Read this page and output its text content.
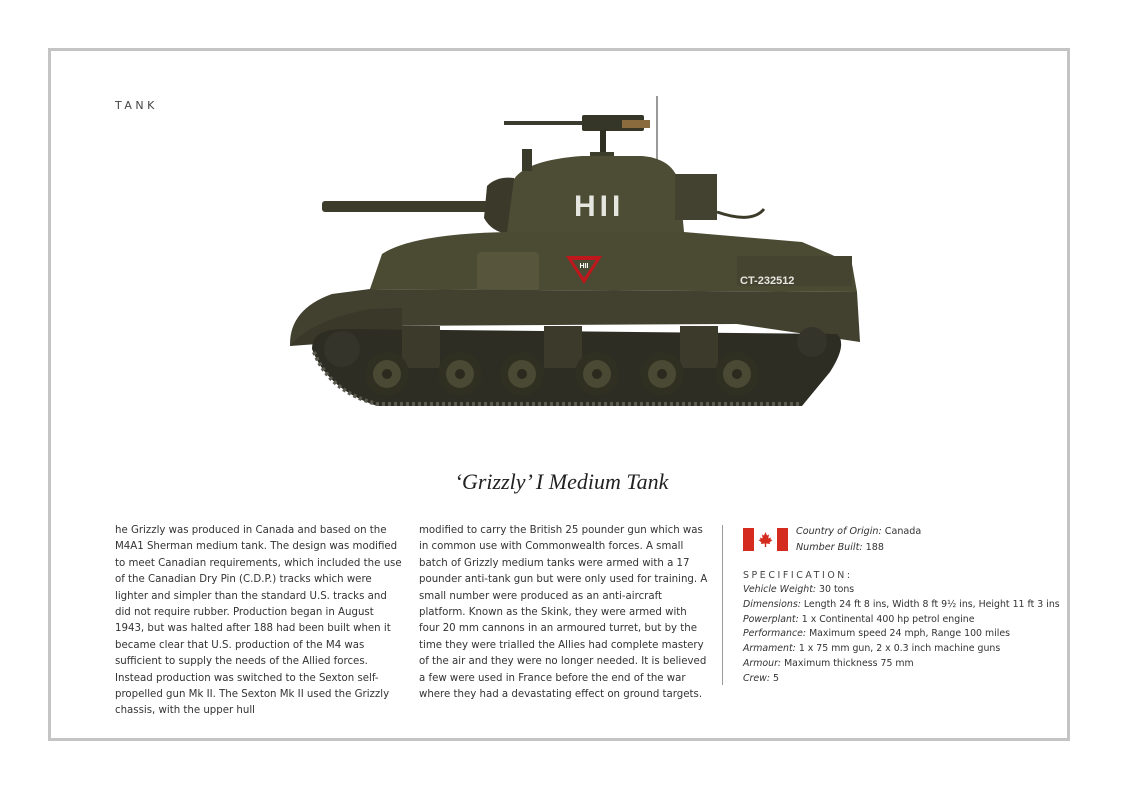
TANK
HII
HII
CT-232512
‘Grizzly’ I Medium Tank
he Grizzly was produced in Canada and based on the M4A1 Sherman medium tank. The design was modified to meet Canadian requirements, which included the use of the Canadian Dry Pin (C.D.P.) tracks which were lighter and simpler than the standard U.S. tracks and did not require rubber. Production began in August 1943, but was halted after 188 had been built when it became clear that U.S. production of the M4 was sufficient to supply the needs of the Allied forces. Instead production was switched to the Sexton self-propelled gun Mk II. The Sexton Mk II used the Grizzly chassis, with the upper hull
modified to carry the British 25 pounder gun which was in common use with Commonwealth forces. A small batch of Grizzly medium tanks were armed with a 17 pounder anti-tank gun but were only used for training. A small number were produced as an anti-aircraft platform. Known as the Skink, they were armed with four 20 mm cannons in an armoured turret, but by the time they were trialled the Allies had complete mastery of the air and they were no longer needed. It is believed a few were used in France before the end of the war where they had a devastating effect on ground targets.
Country of Origin: Canada
Number Built: 188
SPECIFICATION:
Vehicle Weight: 30 tons
Dimensions: Length 24 ft 8 ins, Width 8 ft 9½ ins, Height 11 ft 3 ins
Powerplant: 1 x Continental 400 hp petrol engine
Performance: Maximum speed 24 mph, Range 100 miles
Armament: 1 x 75 mm gun, 2 x 0.3 inch machine guns
Armour: Maximum thickness 75 mm
Crew: 5
